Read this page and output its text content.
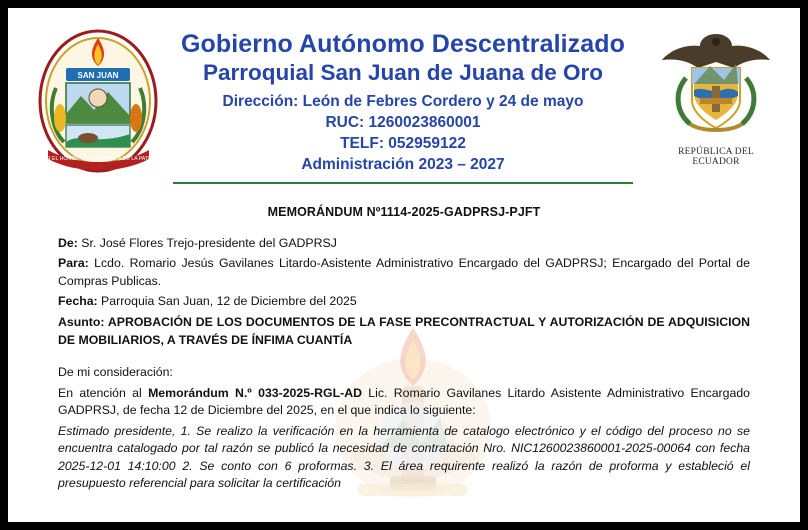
SAN JUAN
POR EL HONOR Y LA GRANDEZA DE LA PATRIA
Gobierno Autónomo Descentralizado
Parroquial San Juan de Juana de Oro
Dirección: León de Febres Cordero y 24 de mayo
RUC: 1260023860001
TELF: 052959122
Administración 2023 – 2027
REPÚBLICA DEL ECUADOR
MEMORÁNDUM Nº1114-2025-GADPRSJ-PJFT

De: Sr. José Flores Trejo-presidente del GADPRSJ

Para: Lcdo. Romario Jesús Gavilanes Litardo-Asistente Administrativo Encargado del GADPRSJ; Encargado del Portal de Compras Publicas.

Fecha: Parroquia San Juan, 12 de Diciembre del 2025

Asunto: APROBACIÓN DE LOS DOCUMENTOS DE LA FASE PRECONTRACTUAL Y AUTORIZACIÓN DE ADQUISICION DE MOBILIARIOS, A TRAVÉS DE ÍNFIMA CUANTÍA

De mi consideración:

En atención al Memorándum N.º 033-2025-RGL-AD Lic. Romario Gavilanes Litardo Asistente Administrativo Encargado GADPRSJ, de fecha 12 de Diciembre del 2025, en el que indica lo siguiente:

Estimado presidente, 1. Se realizo la verificación en la herramienta de catalogo electrónico y el código del proceso no se encuentra catalogado por tal razón se publicó la necesidad de contratación Nro. NIC1260023860001-2025-00064 con fecha 2025-12-01 14:10:00 2. Se conto con 6 proformas. 3. El área requirente realizó la razón de proforma y estableció el presupuesto referencial para solicitar la certificación
